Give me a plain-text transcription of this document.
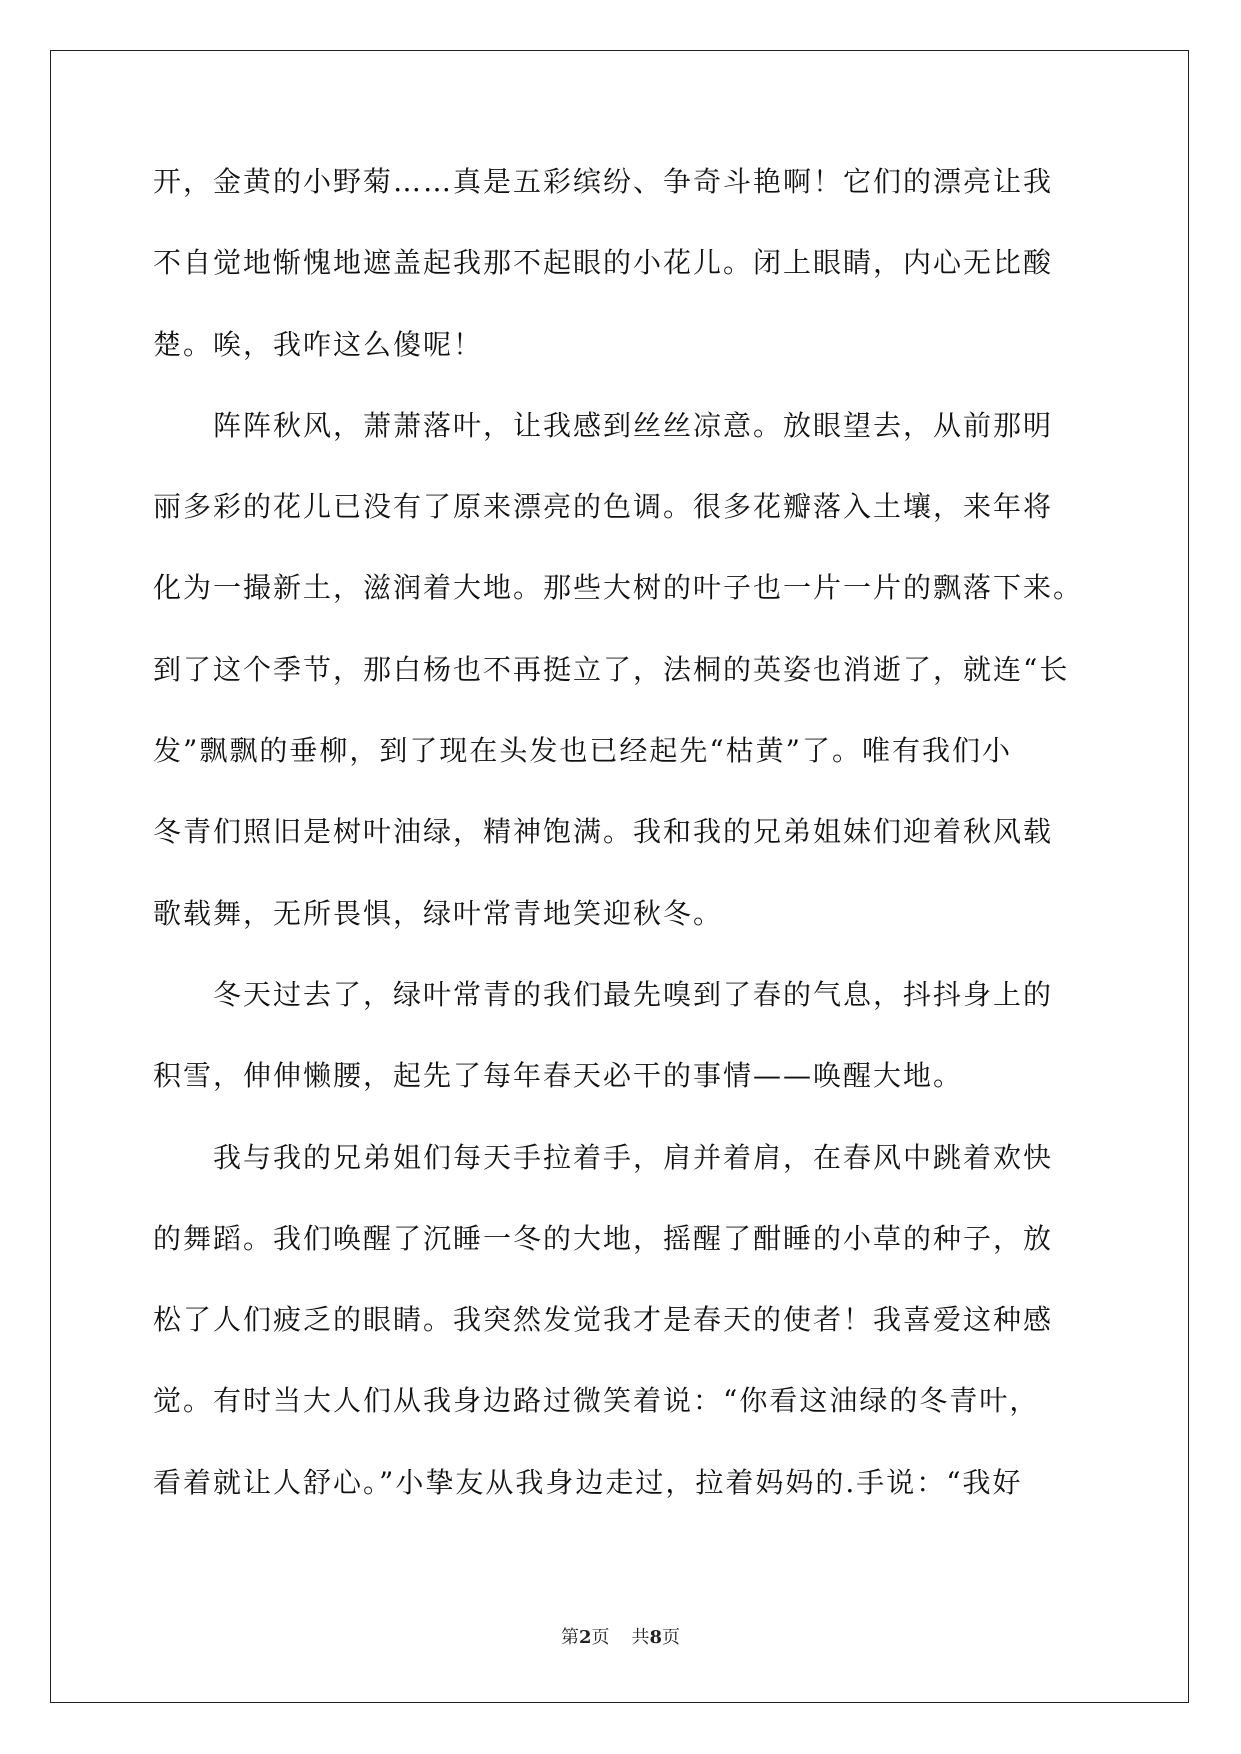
开，金黄的小野菊……真是五彩缤纷、争奇斗艳啊！它们的漂亮让我
不自觉地惭愧地遮盖起我那不起眼的小花儿。闭上眼睛，内心无比酸
楚。唉，我咋这么傻呢！
　　阵阵秋风，萧萧落叶，让我感到丝丝凉意。放眼望去，从前那明
丽多彩的花儿已没有了原来漂亮的色调。很多花瓣落入土壤，来年将
化为一撮新土，滋润着大地。那些大树的叶子也一片一片的飘落下来。
到了这个季节，那白杨也不再挺立了，法桐的英姿也消逝了，就连“长
发”飘飘的垂柳，到了现在头发也已经起先“枯黄”了。唯有我们小
冬青们照旧是树叶油绿，精神饱满。我和我的兄弟姐妹们迎着秋风载
歌载舞，无所畏惧，绿叶常青地笑迎秋冬。
　　冬天过去了，绿叶常青的我们最先嗅到了春的气息，抖抖身上的
积雪，伸伸懒腰，起先了每年春天必干的事情——唤醒大地。
　　我与我的兄弟姐们每天手拉着手，肩并着肩，在春风中跳着欢快
的舞蹈。我们唤醒了沉睡一冬的大地，摇醒了酣睡的小草的种子，放
松了人们疲乏的眼睛。我突然发觉我才是春天的使者！我喜爱这种感
觉。有时当大人们从我身边路过微笑着说：“你看这油绿的冬青叶，
看着就让人舒心。”小挚友从我身边走过，拉着妈妈的.手说：“我好
第2页 共8页
